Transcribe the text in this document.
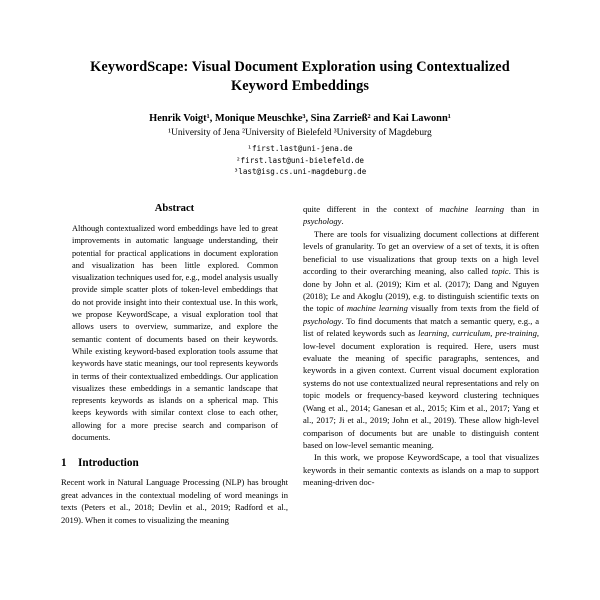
KeywordScape: Visual Document Exploration using Contextualized Keyword Embeddings
Henrik Voigt¹, Monique Meuschke³, Sina Zarrieß² and Kai Lawonn¹
¹University of Jena ²University of Bielefeld ³University of Magdeburg
¹first.last@uni-jena.de
²first.last@uni-bielefeld.de
³last@isg.cs.uni-magdeburg.de
Abstract

Although contextualized word embeddings have led to great improvements in automatic language understanding, their potential for practical applications in document exploration and visualization has been little explored. Common visualization techniques used for, e.g., model analysis usually provide simple scatter plots of token-level embeddings that do not provide insight into their contextual use. In this work, we propose KeywordScape, a visual exploration tool that allows users to overview, summarize, and explore the semantic content of documents based on their keywords. While existing keyword-based exploration tools assume that keywords have static meanings, our tool represents keywords in terms of their contextualized embeddings. Our application visualizes these embeddings in a semantic landscape that represents keywords as islands on a spherical map. This keeps keywords with similar context close to each other, allowing for a more precise search and comparison of documents.

1 Introduction

Recent work in Natural Language Processing (NLP) has brought great advances in the contextual modeling of word meanings in texts (Peters et al., 2018; Devlin et al., 2019; Radford et al., 2019). When it comes to visualizing the meaning

quite different in the context of machine learning than in psychology.

There are tools for visualizing document collections at different levels of granularity. To get an overview of a set of texts, it is often beneficial to use visualizations that group texts on a high level according to their overarching meaning, also called topic. This is done by John et al. (2019); Kim et al. (2017); Dang and Nguyen (2018); Le and Akoglu (2019), e.g. to distinguish scientific texts on the topic of machine learning visually from texts from the field of psychology. To find documents that match a semantic query, e.g., a list of related keywords such as learning, curriculum, pre-training, low-level document exploration is required. Here, users must evaluate the meaning of specific paragraphs, sentences, and keywords in a given context. Current visual document exploration systems do not use contextualized neural representations and rely on topic models or frequency-based keyword clustering techniques (Wang et al., 2014; Ganesan et al., 2015; Kim et al., 2017; Yang et al., 2017; Ji et al., 2019; John et al., 2019). These allow high-level comparison of documents but are unable to distinguish content based on low-level semantic meaning.

In this work, we propose KeywordScape, a tool that visualizes keywords in their semantic contexts as islands on a map to support meaning-driven doc-
